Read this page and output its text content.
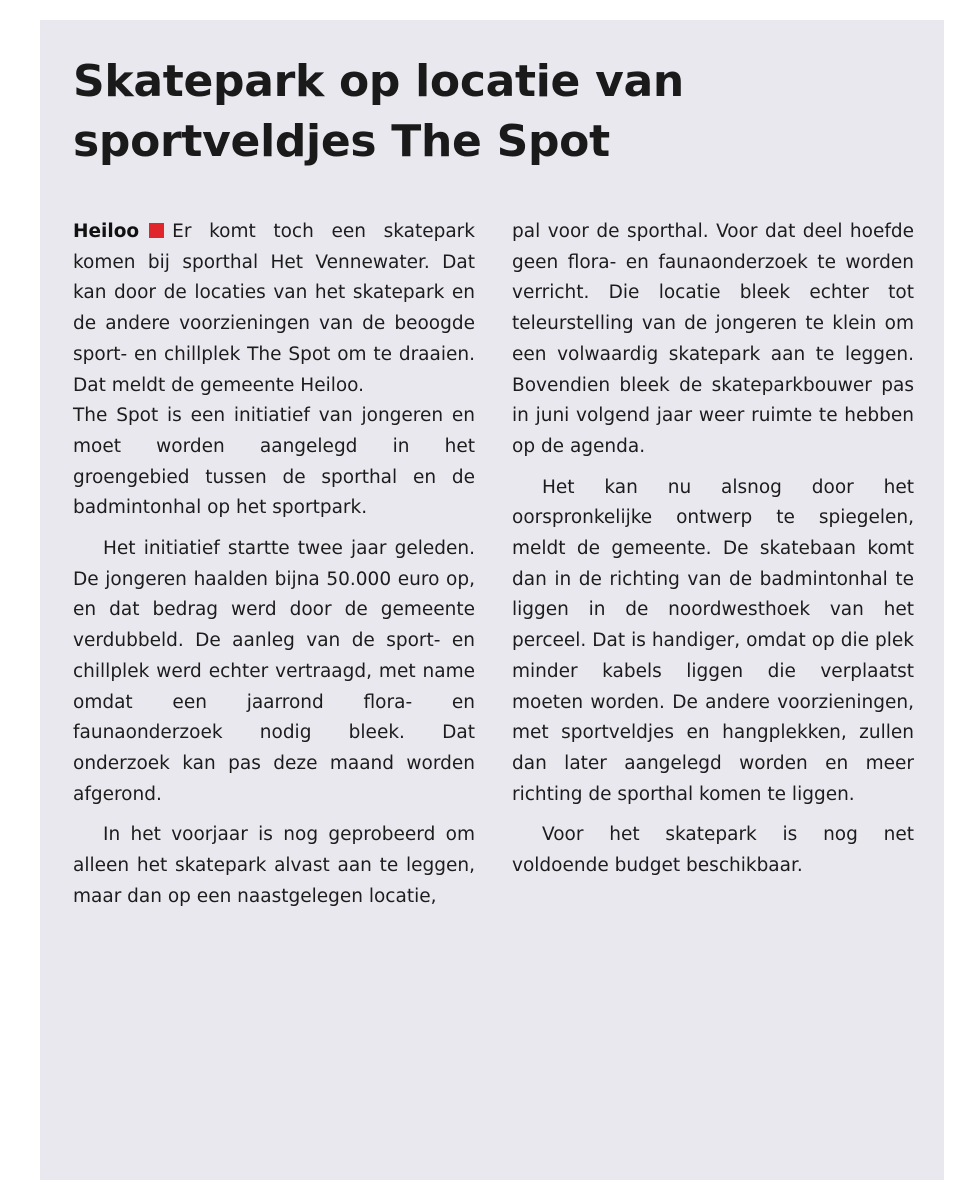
Skatepark op locatie van sportveldjes The Spot

Heiloo Er komt toch een skatepark komen bij sporthal Het Vennewater. Dat kan door de locaties van het skatepark en de andere voorzieningen van de beoogde sport- en chillplek The Spot om te draaien. Dat meldt de gemeente Heiloo.

The Spot is een initiatief van jongeren en moet worden aangelegd in het groengebied tussen de sporthal en de badmintonhal op het sportpark.

Het initiatief startte twee jaar geleden. De jongeren haalden bijna 50.000 euro op, en dat bedrag werd door de gemeente verdubbeld. De aanleg van de sport- en chillplek werd echter vertraagd, met name omdat een jaarrond flora- en faunaonderzoek nodig bleek. Dat onderzoek kan pas deze maand worden afgerond.

In het voorjaar is nog geprobeerd om alleen het skatepark alvast aan te leggen, maar dan op een naastgelegen locatie,

pal voor de sporthal. Voor dat deel hoefde geen flora- en faunaonderzoek te worden verricht. Die locatie bleek echter tot teleurstelling van de jongeren te klein om een volwaardig skatepark aan te leggen. Bovendien bleek de skateparkbouwer pas in juni volgend jaar weer ruimte te hebben op de agenda.

Het kan nu alsnog door het oorspronkelijke ontwerp te spiegelen, meldt de gemeente. De skatebaan komt dan in de richting van de badmintonhal te liggen in de noordwesthoek van het perceel. Dat is handiger, omdat op die plek minder kabels liggen die verplaatst moeten worden. De andere voorzieningen, met sportveldjes en hangplekken, zullen dan later aangelegd worden en meer richting de sporthal komen te liggen.

Voor het skatepark is nog net voldoende budget beschikbaar.
